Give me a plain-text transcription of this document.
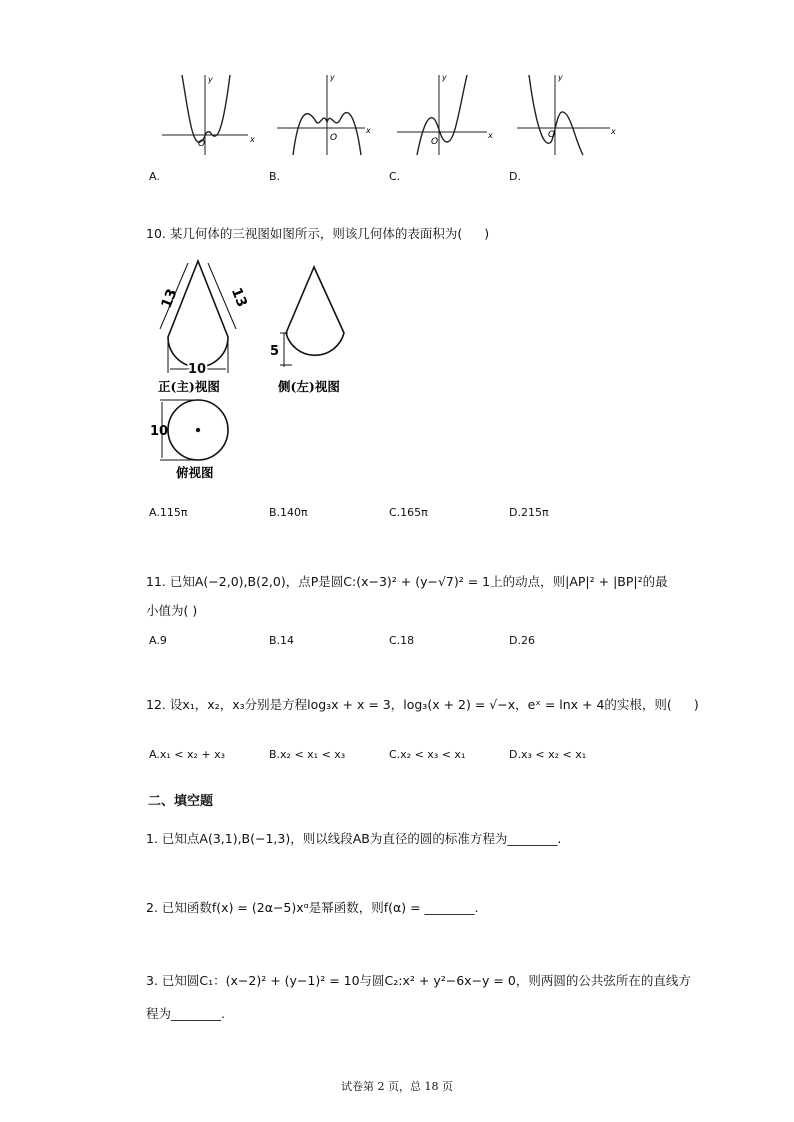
x
y
O
x
y
O	x
y
O
x
y
O
A.	B.	C.	D.
10. 某几何体的三视图如图所示，则该几何体的表面积为( )
13	13
10
正(主)视图
5
侧(左)视图
10
俯视图
A.115π	B.140π	C.165π	D.215π
11. 已知A(−2,0),B(2,0)，点P是圆C:(x−3)² + (y−√7)² = 1上的动点，则|AP|² + |BP|²的最
小值为( )
A.9	B.14	C.18	D.26
12. 设x₁，x₂，x₃分别是方程log₃x + x = 3，log₃(x + 2) = √−x，eˣ = lnx + 4的实根，则( )
A.x₁ < x₂ + x₃	B.x₂ < x₁ < x₃	C.x₂ < x₃ < x₁	D.x₃ < x₂ < x₁
二、填空题
1. 已知点A(3,1),B(−1,3)，则以线段AB为直径的圆的标准方程为________.
2. 已知函数f(x) = (2α−5)xᵅ是幂函数，则f(α) = ________.
3. 已知圆C₁：(x−2)² + (y−1)² = 10与圆C₂:x² + y²−6x−y = 0，则两圆的公共弦所在的直线方
程为________.
试卷第 2 页，总 18 页
